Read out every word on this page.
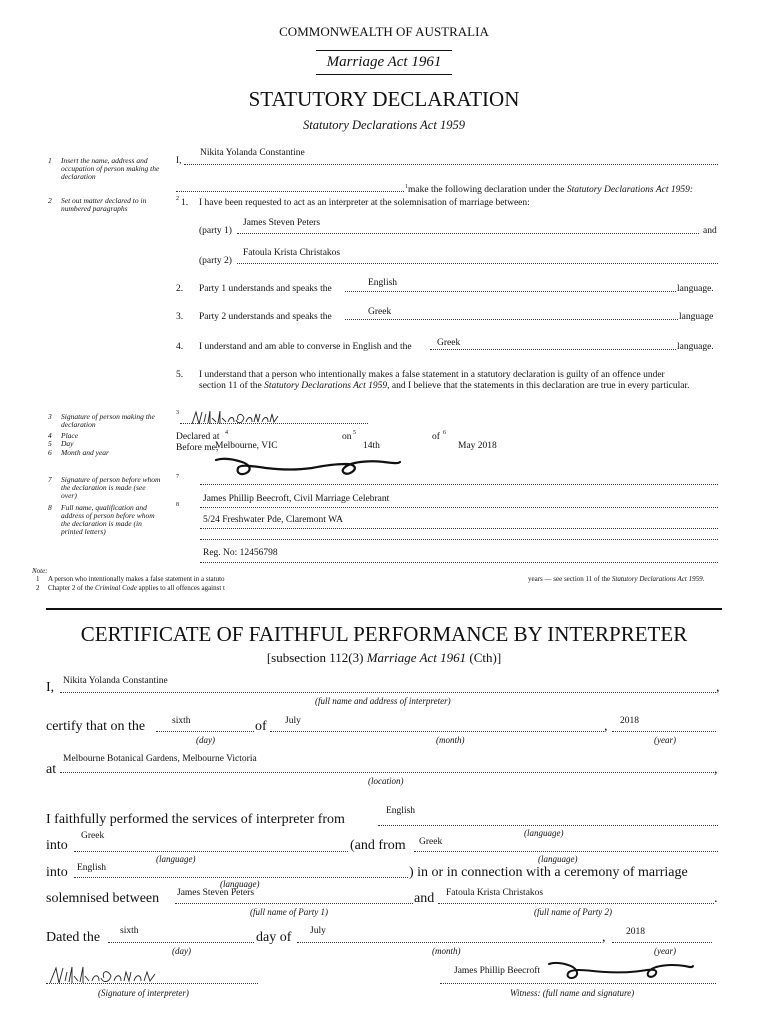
COMMONWEALTH OF AUSTRALIA
Marriage Act 1961
STATUTORY DECLARATION
Statutory Declarations Act 1959
1 Insert the name, address and occupation of person making the declaration
2 Set out matter declared to in numbered paragraphs
3 Signature of person making the declaration
4 Place
5 Day
6 Month and year
7 Signature of person before whom the declaration is made (see over)
8 Full name, qualification and address of person before whom the declaration is made (in printed letters)
Nikita Yolanda Constantine
I,
$^1$make the following declaration under the Statutory Declarations Act 1959:
2 1. I have been requested to act as an interpreter at the solemnisation of marriage between:
(party 1)
James Steven Peters
and
(party 2)
Fatoula Krista Christakos
2. Party 1 understands and speaks the
English
language.
3. Party 2 understands and speaks the	Greek	language
4. I understand and am able to converse in English and the	Greek	language.
5. I understand that a person who intentionally makes a false statement in a statutory declaration is guilty of an offence under
section 11 of the Statutory Declarations Act 1959, and I believe that the statements in this declaration are true in every particular.
3
Declared at 4
Melbourne, VIC
on 5
14th
of 6
May 2018
Before me,
7
8
James Phillip Beecroft, Civil Marriage Celebrant
5/24 Freshwater Pde, Claremont WA
Reg. No: 12456798
Note:
1 A person who intentionally makes a false statement in a statuto	years — see section 11 of the Statutory Declarations Act 1959.
2 Chapter 2 of the Criminal Code applies to all offences against t
CERTIFICATE OF FAITHFUL PERFORMANCE BY INTERPRETER
[subsection 112(3) Marriage Act 1961 (Cth)]
I, Nikita Yolanda Constantine	,
(full name and address of interpreter)
certify that on the	sixth	of July	, 2018
(day)	(month)	(year)
at
Melbourne Botanical Gardens, Melbourne Victoria
,
(location)
I faithfully performed the services of interpreter from
English
(language)
into
Greek
(and from Greek
(language)	(language)
into English	) in or in connection with a ceremony of marriage
(language)
solemnised between James Steven Peters	and Fatoula Krista Christakos	.
(full name of Party 1)	(full name of Party 2)
Dated the sixth	day of July	, 2018
(day)	(month)	(year)
(Signature of interpreter)
James Phillip Beecroft
Witness: (full name and signature)
